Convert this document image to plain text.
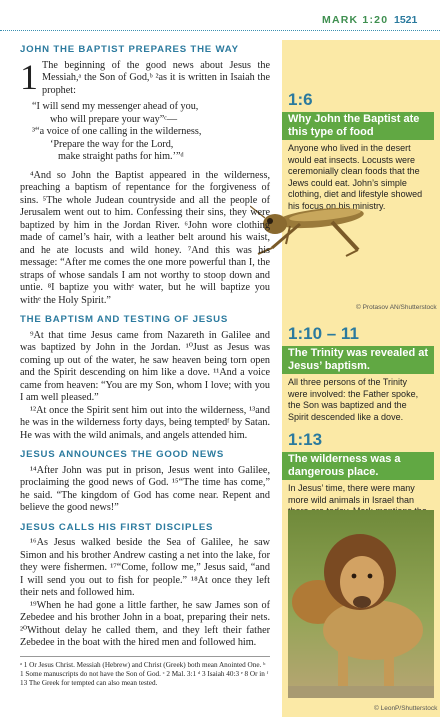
MARK 1:20 1521
1:6
Why John the Baptist ate this type of food
Anyone who lived in the desert would eat insects. Locusts were ceremonially clean foods that the Jews could eat. John’s simple clothing, diet and lifestyle showed his focus on his ministry.
© Protasov AN/Shutterstock
1:10 – 11
The Trinity was revealed at Jesus’ baptism.
All three persons of the Trinity were involved: the Father spoke, the Son was baptized and the Spirit descended like a dove.
1:13
The wilderness was a dangerous place.
In Jesus’ time, there were many more wild animals in Israel than
© LeonP/Shutterstock
JOHN THE BAPTIST PREPARES THE WAY

1 The beginning of the good news about Jesus the Messiah,ᵃ the Son of God,ᵇ ²as it is written in Isaiah the prophet:

“I will send my messenger ahead of you,
who will prepare your way”ᶜ—
³“a voice of one calling in the wilderness,
‘Prepare the way for the Lord,
make straight paths for him.’”ᵈ

⁴And so John the Baptist appeared in the wilderness, preaching a baptism of repentance for the forgiveness of sins. ⁵The whole Judean countryside and all the people of Jerusalem went out to him. Confessing their sins, they were baptized by him in the Jordan River. ⁶John wore clothing made of camel’s hair, with a leather belt around his waist, and he ate locusts and wild honey. ⁷And this was his message: “After me comes the one more powerful than I, the straps of whose sandals I am not worthy to stoop down and untie. ⁸I baptize you withᵉ water, but he will baptize you withᵉ the Holy Spirit.”

THE BAPTISM AND TESTING OF JESUS

⁹At that time Jesus came from Nazareth in Galilee and was baptized by John in the Jordan. ¹⁰Just as Jesus was coming up out of the water, he saw heaven being torn open and the Spirit descending on him like a dove. ¹¹And a voice came from heaven: “You are my Son, whom I love; with you I am well pleased.”

¹²At once the Spirit sent him out into the wilderness, ¹³and he was in the wilderness forty days, being temptedᶠ by Satan. He was with the wild animals, and angels attended him.

JESUS ANNOUNCES THE GOOD NEWS

¹⁴After John was put in prison, Jesus went into Galilee, proclaiming the good news of God. ¹⁵“The time has come,” he said. “The kingdom of God has come near. Repent and believe the good news!”

JESUS CALLS HIS FIRST DISCIPLES

¹⁶As Jesus walked beside the Sea of Galilee, he saw Simon and his brother Andrew casting a net into the lake, for they were fishermen. ¹⁷“Come, follow me,” Jesus said, “and I will send you out to fish for people.” ¹⁸At once they left their nets and followed him.

¹⁹When he had gone a little farther, he saw James son of Zebedee and his brother John in a boat, preparing their nets. ²⁰Without delay he called them, and they left their father Zebedee in the boat with the hired men and followed him.

ᵃ 1 Or Jesus Christ. Messiah (Hebrew) and Christ (Greek) both mean Anointed One. ᵇ 1 Some manuscripts do not have the Son of God. ᶜ 2 Mal. 3:1 ᵈ 3 Isaiah 40:3 ᵉ 8 Or in ᶠ 13 The Greek for tempted can also mean tested.
